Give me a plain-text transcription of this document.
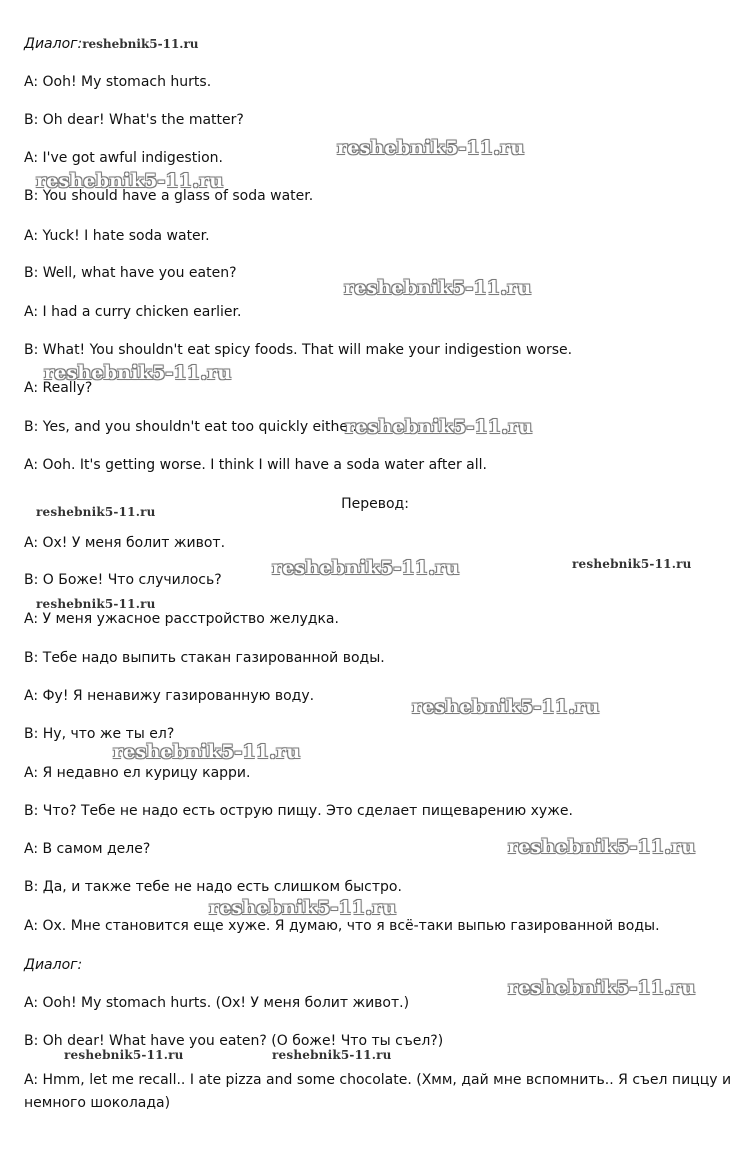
Диалог:reshebnik5-11.ru
A: Ooh! My stomach hurts.
B: Oh dear! What's the matter?
A: I've got awful indigestion.
B: You should have a glass of soda water.
A: Yuck! I hate soda water.
B: Well, what have you eaten?
A: I had a curry chicken earlier.
B: What! You shouldn't eat spicy foods. That will make your indigestion worse.
A: Really?
B: Yes, and you shouldn't eat too quickly either.
A: Ooh. It's getting worse. I think I will have a soda water after all.
Перевод:
A: Ох! У меня болит живот.
B: О Боже! Что случилось?
A: У меня ужасное расстройство желудка.
B: Тебе надо выпить стакан газированной воды.
A: Фу! Я ненавижу газированную воду.
B: Ну, что же ты ел?
A: Я недавно ел курицу карри.
B: Что? Тебе не надо есть острую пищу. Это сделает пищеварению хуже.
A: В самом деле?
B: Да, и также тебе не надо есть слишком быстро.
A: Ох. Мне становится еще хуже. Я думаю, что я всё-таки выпью газированной воды.
Диалог:
A: Ooh! My stomach hurts. (Ох! У меня болит живот.)
B: Oh dear! What have you eaten? (О боже! Что ты съел?)
A: Hmm, let me recall.. I ate pizza and some chocolate. (Хмм, дай мне вспомнить.. Я съел пиццу и
немного шоколада)
reshebnik5-11.ru
reshebnik5-11.ru
reshebnik5-11.ru
reshebnik5-11.ru
reshebnik5-11.ru
reshebnik5-11.ru
reshebnik5-11.ru	reshebnik5-11.ru
reshebnik5-11.ru
reshebnik5-11.ru
reshebnik5-11.ru
reshebnik5-11.ru
reshebnik5-11.ru
reshebnik5-11.ru
reshebnik5-11.ru	reshebnik5-11.ru
